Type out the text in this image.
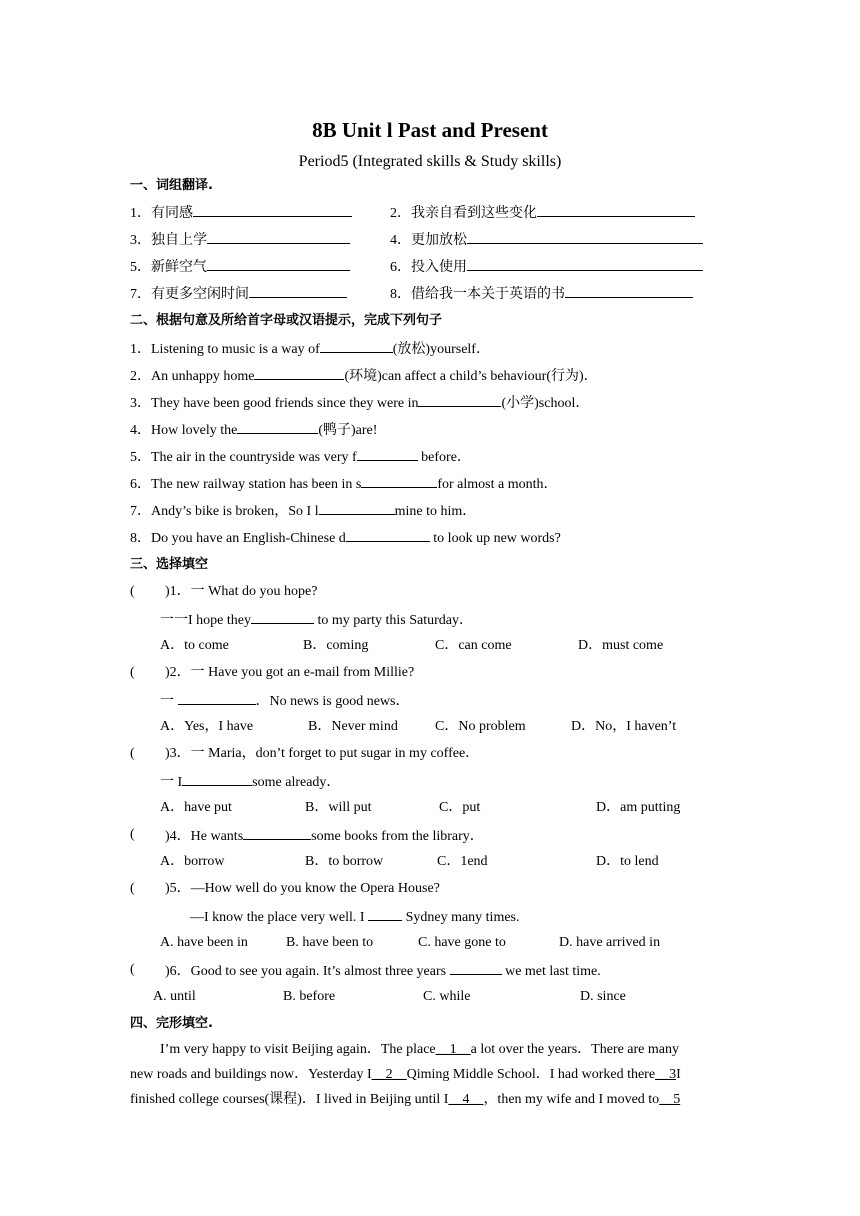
8B Unit l Past and Present
Period5 (Integrated skills & Study skills)
一、词组翻译.
1．有同感	2．我亲自看到这些变化
3．独自上学	4．更加放松
5．新鲜空气	6．投入使用
7．有更多空闲时间	8．借给我一本关于英语的书
二、根据句意及所给首字母或汉语提示，完成下列句子
1．Listening to music is a way of	(放松)yourself．
2．An unhappy home	(环境)can affect a child’s behaviour(行为)．
3．They have been good friends since they were in	(小学)school．
4．How lovely the	(鸭子)are!
5．The air in the countryside was very f	before．
6．The new railway station has been in s	for almost a month．
7．Andy’s bike is broken，So I l	mine to him．
8．Do you have an English-Chinese d	to look up new words?
三、选择填空
( )1．一 What do you hope?
一一I hope they	to my party this Saturday．
A．to come	B．coming	C．can come	D．must come
( )2．一 Have you got an e-mail from Millie?
一	．No news is good news．
A．Yes，I have	B．Never mind	C．No problem	D．No，I haven’t
( )3．一 Maria，don’t forget to put sugar in my coffee．
一 I	some already．
A．have put	B．will put	C．put	D．am putting
( )4．He wants	some books from the library．
A．borrow	B．to borrow	C．1end	D．to lend
( )5．—How well do you know the Opera House?
—I know the place very well. I  Sydney many times.
A. have been in	B. have been to	C. have gone to	D. have arrived in
( )6．Good to see you again. It’s almost three years	we met last time.
A. until	B. before	C. while	D. since
四、完形填空.
I’m very happy to visit Beijing again．The place__1__a lot over the years．There are many
new roads and buildings now．Yesterday I__2__Qiming Middle School．I had worked there__3I
finished college courses(课程)．I lived in Beijing until I__4__，then my wife and I moved to__5
